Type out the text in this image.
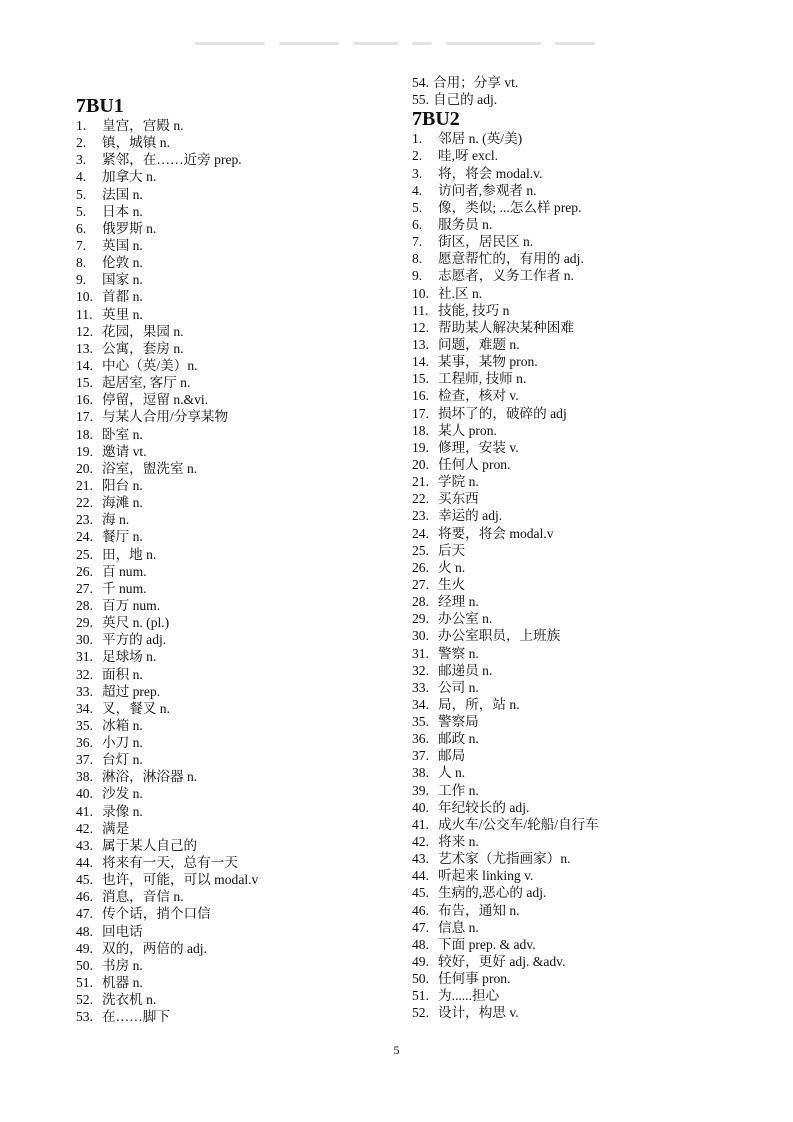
7BU1
1. 皇宫，宫殿 n.
2. 镇，城镇 n.
3. 紧邻，在……近旁 prep.
4. 加拿大 n.
5. 法国 n.
5. 日本 n.
6. 俄罗斯 n.
7. 英国 n.
8. 伦敦 n.
9. 国家 n.
10. 首都 n.
11. 英里 n.
12. 花园，果园 n.
13. 公寓，套房 n.
14. 中心（英/美）n.
15. 起居室, 客厅 n.
16. 停留，逗留 n.&vi.
17. 与某人合用/分享某物
18. 卧室 n.
19. 邀请 vt.
20. 浴室，盥洗室 n.
21. 阳台 n.
22. 海滩 n.
23. 海 n.
24. 餐厅 n.
25. 田，地 n.
26. 百 num.
27. 千 num.
28. 百万 num.
29. 英尺 n. (pl.)
30. 平方的 adj.
31. 足球场 n.
32. 面积 n.
33. 超过 prep.
34. 叉，餐叉 n.
35. 冰箱 n.
36. 小刀 n.
37. 台灯 n.
38. 淋浴，淋浴器 n.
40. 沙发 n.
41. 录像 n.
42. 满是
43. 属于某人自己的
44. 将来有一天，总有一天
45. 也许，可能，可以 modal.v
46. 消息，音信 n.
47. 传个话，捎个口信
48. 回电话
49. 双的，两倍的 adj.
50. 书房 n.
51. 机器 n.
52. 洗衣机 n.
53. 在……脚下
54. 合用；分享 vt.
55. 自己的 adj.
7BU2
1. 邻居 n. (英/美)
2. 哇,呀 excl.
3. 将，将会 modal.v.
4. 访问者,参观者 n.
5. 像，类似; ...怎么样 prep.
6. 服务员 n.
7. 街区，居民区 n.
8. 愿意帮忙的，有用的 adj.
9. 志愿者，义务工作者 n.
10. 社.区 n.
11. 技能, 技巧 n
12. 帮助某人解决某种困难
13. 问题，难题 n.
14. 某事，某物 pron.
15. 工程师, 技师 n.
16. 检查，核对 v.
17. 损坏了的，破碎的 adj
18. 某人 pron.
19. 修理，安装 v.
20. 任何人 pron.
21. 学院 n.
22. 买东西
23. 幸运的 adj.
24. 将要，将会 modal.v
25. 后天
26. 火 n.
27. 生火
28. 经理 n.
29. 办公室 n.
30. 办公室职员，上班族
31. 警察 n.
32. 邮递员 n.
33. 公司 n.
34. 局，所，站 n.
35. 警察局
36. 邮政 n.
37. 邮局
38. 人 n.
39. 工作 n.
40. 年纪较长的 adj.
41. 成火车/公交车/轮船/自行车
42. 将来 n.
43. 艺术家（尤指画家）n.
44. 听起来 linking v.
45. 生病的,恶心的 adj.
46. 布告，通知 n.
47. 信息 n.
48. 下面 prep. & adv.
49. 较好，更好 adj. &adv.
50. 任何事 pron.
51. 为......担心
52. 设计，构思 v.
5
